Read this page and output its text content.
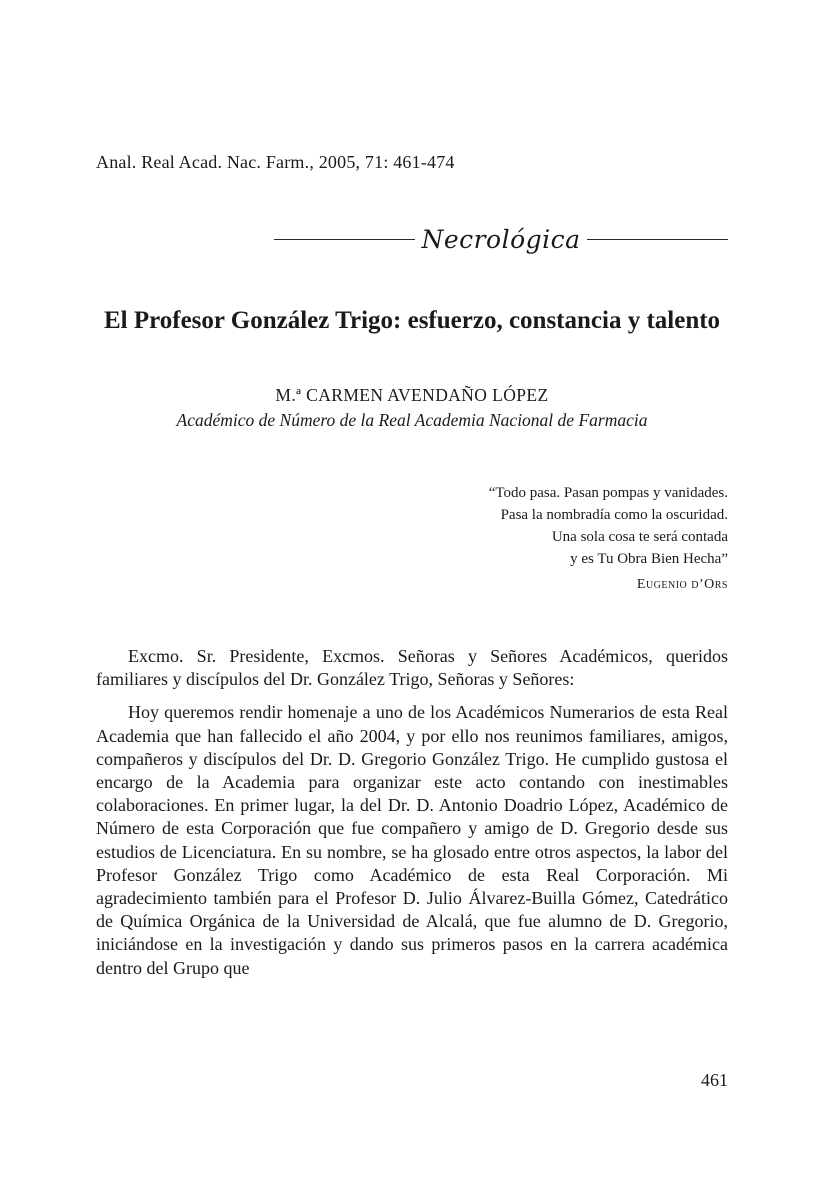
Anal. Real Acad. Nac. Farm., 2005, 71: 461-474
Necrológica
El Profesor González Trigo: esfuerzo, constancia y talento
M.ª CARMEN AVENDAÑO LÓPEZ
Académico de Número de la Real Academia Nacional de Farmacia
“Todo pasa. Pasan pompas y vanidades.
Pasa la nombradía como la oscuridad.
Una sola cosa te será contada
y es Tu Obra Bien Hecha”
Eugenio d’Ors

Excmo. Sr. Presidente, Excmos. Señoras y Señores Académicos, queridos familiares y discípulos del Dr. González Trigo, Señoras y Señores:

Hoy queremos rendir homenaje a uno de los Académicos Numerarios de esta Real Academia que han fallecido el año 2004, y por ello nos reunimos familiares, amigos, compañeros y discípulos del Dr. D. Gregorio González Trigo. He cumplido gustosa el encargo de la Academia para organizar este acto contando con inestimables colaboraciones. En primer lugar, la del Dr. D. Antonio Doadrio López, Académico de Número de esta Corporación que fue compañero y amigo de D. Gregorio desde sus estudios de Licenciatura. En su nombre, se ha glosado entre otros aspectos, la labor del Profesor González Trigo como Académico de esta Real Corporación. Mi agradecimiento también para el Profesor D. Julio Álvarez-Builla Gómez, Catedrático de Química Orgánica de la Universidad de Alcalá, que fue alumno de D. Gregorio, iniciándose en la investigación y dando sus primeros pasos en la carrera académica dentro del Grupo que

461
